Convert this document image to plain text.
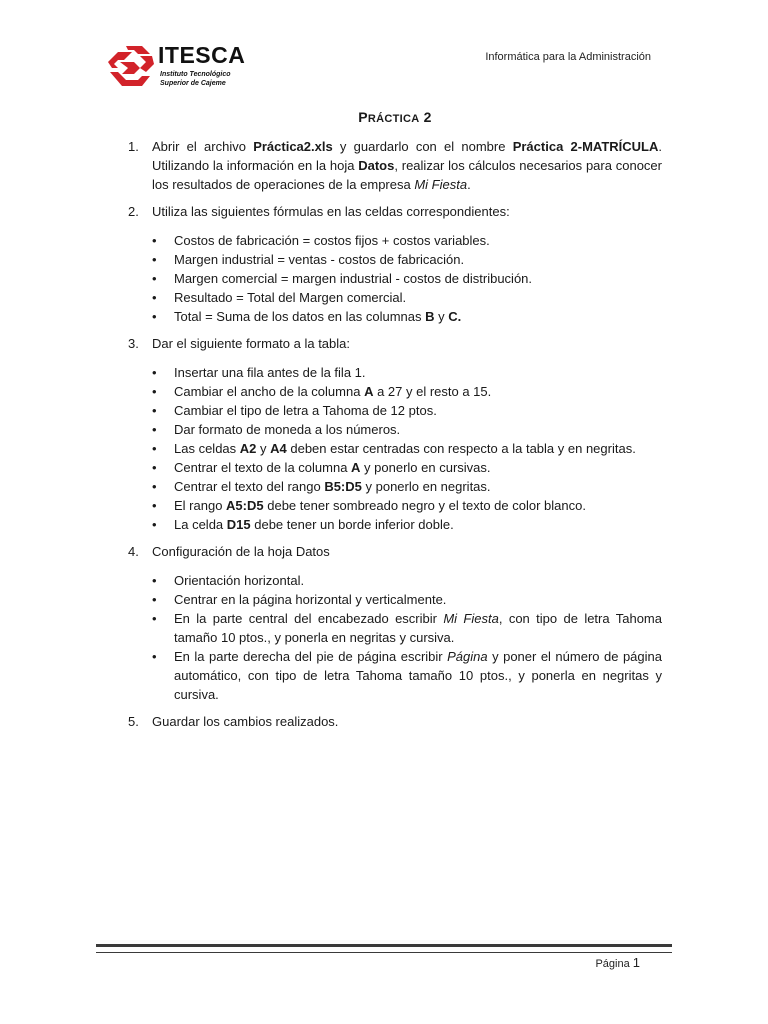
ITESCA
Instituto Tecnológico
Superior de Cajeme
Informática para la Administración
PRÁCTICA 2
1. Abrir el archivo Práctica2.xls y guardarlo con el nombre Práctica 2-MATRÍCULA. Utilizando la información en la hoja Datos, realizar los cálculos necesarios para conocer los resultados de operaciones de la empresa Mi Fiesta.

2. Utiliza las siguientes fórmulas en las celdas correspondientes:

• Costos de fabricación = costos fijos + costos variables.
• Margen industrial = ventas - costos de fabricación.
• Margen comercial = margen industrial - costos de distribución.
• Resultado = Total del Margen comercial.
• Total = Suma de los datos en las columnas B y C.
3. Dar el siguiente formato a la tabla:

• Insertar una fila antes de la fila 1.
• Cambiar el ancho de la columna A a 27 y el resto a 15.
• Cambiar el tipo de letra a Tahoma de 12 ptos.
• Dar formato de moneda a los números.
• Las celdas A2 y A4 deben estar centradas con respecto a la tabla y en negritas.
• Centrar el texto de la columna A y ponerlo en cursivas.
• Centrar el texto del rango B5:D5 y ponerlo en negritas.
• El rango A5:D5 debe tener sombreado negro y el texto de color blanco.
• La celda D15 debe tener un borde inferior doble.
4. Configuración de la hoja Datos

• Orientación horizontal.
• Centrar en la página horizontal y verticalmente.
• En la parte central del encabezado escribir Mi Fiesta, con tipo de letra Tahoma tamaño 10 ptos., y ponerla en negritas y cursiva.
• En la parte derecha del pie de página escribir Página y poner el número de página automático, con tipo de letra Tahoma tamaño 10 ptos., y ponerla en negritas y cursiva.
5. Guardar los cambios realizados.

Página 1
